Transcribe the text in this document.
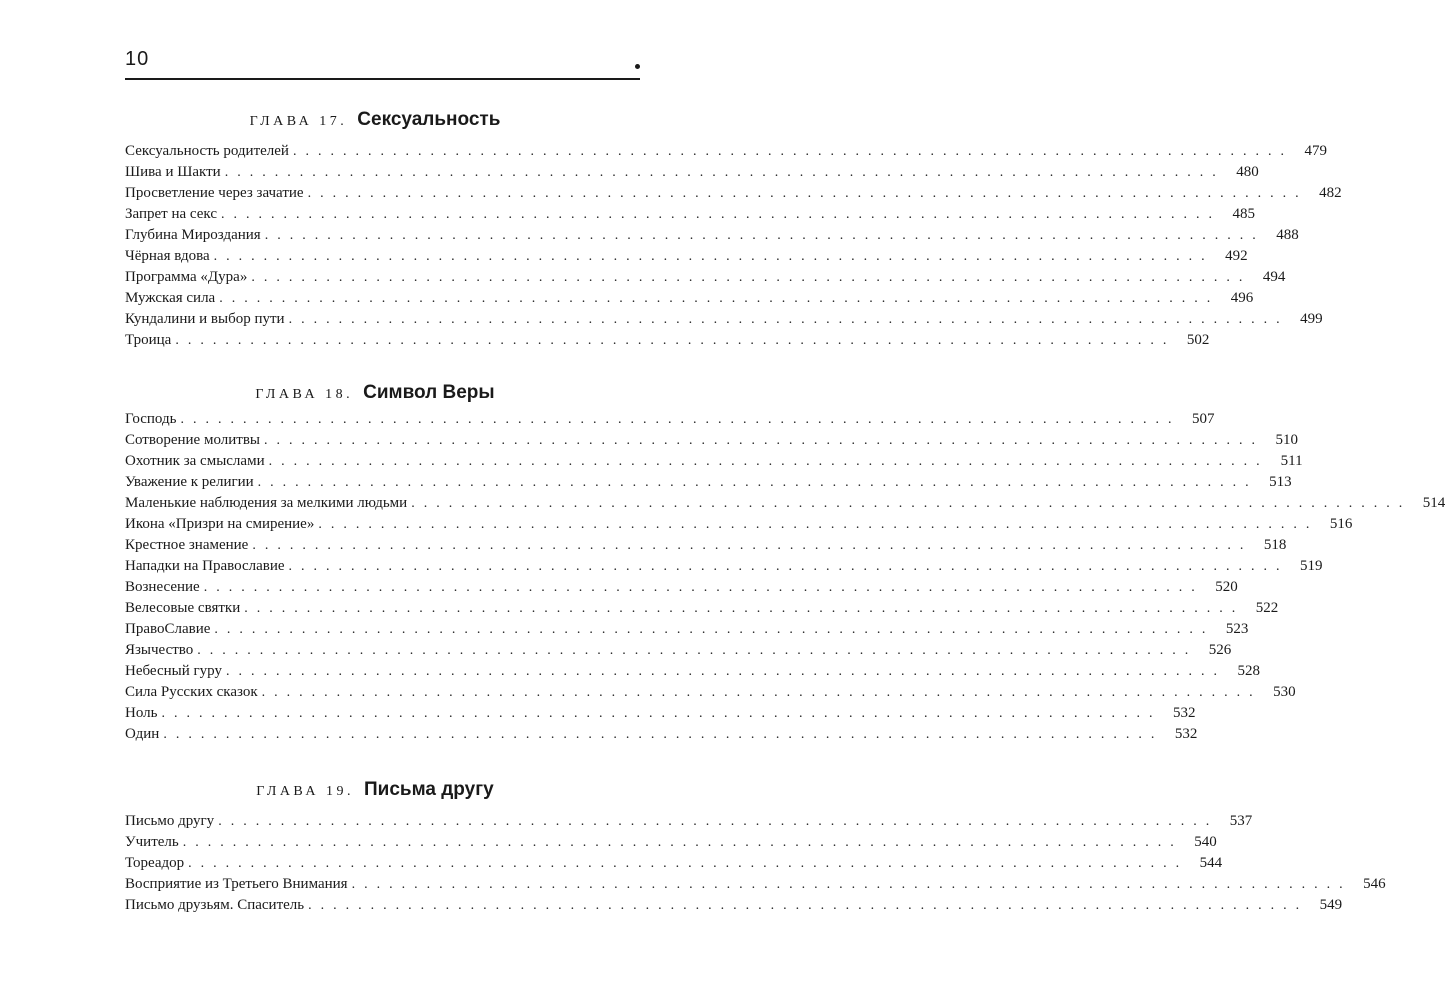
10
ГЛАВА 17. Сексуальность
Сексуальность родителей ................................................................................ 479
Шива и Шакти ................................................................................ 480
Просветление через зачатие ................................................................................ 482
Запрет на секс ................................................................................ 485
Глубина Мироздания ................................................................................ 488
Чёрная вдова ................................................................................ 492
Программа «Дура» ................................................................................ 494
Мужская сила ................................................................................ 496
Кундалини и выбор пути ................................................................................ 499
Троица ................................................................................ 502
ГЛАВА 18. Символ Веры
Господь ................................................................................ 507
Сотворение молитвы ................................................................................ 510
Охотник за смыслами ................................................................................ 511
Уважение к религии ................................................................................ 513
Маленькие наблюдения за мелкими людьми ................................................................................ 514
Икона «Призри на смирение» ................................................................................ 516
Крестное знамение ................................................................................ 518
Нападки на Православие ................................................................................ 519
Вознесение ................................................................................ 520
Велесовые святки ................................................................................ 522
ПравоСлавие ................................................................................ 523
Язычество ................................................................................ 526
Небесный гуру ................................................................................ 528
Сила Русских сказок ................................................................................ 530
Ноль ................................................................................ 532
Один ................................................................................ 532
ГЛАВА 19. Письма другу
Письмо другу ................................................................................ 537
Учитель ................................................................................ 540
Тореадор ................................................................................ 544
Восприятие из Третьего Внимания ................................................................................ 546
Письмо друзьям. Спаситель ................................................................................ 549
